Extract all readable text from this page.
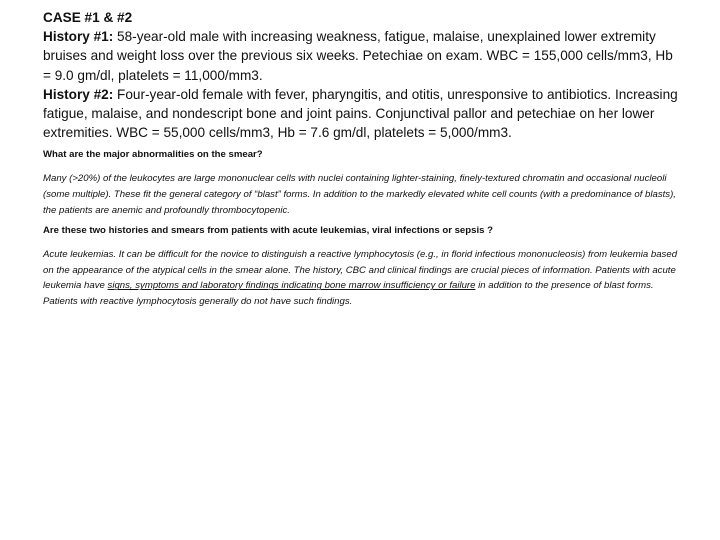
CASE #1 & #2

History #1: 58-year-old male with increasing weakness, fatigue, malaise, unexplained lower extremity bruises and weight loss over the previous six weeks. Petechiae on exam. WBC = 155,000 cells/mm3, Hb = 9.0 gm/dl, platelets = 11,000/mm3.

History #2: Four-year-old female with fever, pharyngitis, and otitis, unresponsive to antibiotics. Increasing fatigue, malaise, and nondescript bone and joint pains. Conjunctival pallor and petechiae on her lower extremities. WBC = 55,000 cells/mm3, Hb = 7.6 gm/dl, platelets = 5,000/mm3.

What are the major abnormalities on the smear?

Many (>20%) of the leukocytes are large mononuclear cells with nuclei containing lighter-staining, finely-textured chromatin and occasional nucleoli (some multiple). These fit the general category of “blast” forms. In addition to the markedly elevated white cell counts (with a predominance of blasts), the patients are anemic and profoundly thrombocytopenic.

Are these two histories and smears from patients with acute leukemias, viral infections or sepsis ?

Acute leukemias. It can be difficult for the novice to distinguish a reactive lymphocytosis (e.g., in florid infectious mononucleosis) from leukemia based on the appearance of the atypical cells in the smear alone. The history, CBC and clinical findings are crucial pieces of information. Patients with acute leukemia have signs, symptoms and laboratory findings indicating bone marrow insufficiency or failure in addition to the presence of blast forms. Patients with reactive lymphocytosis generally do not have such findings.
